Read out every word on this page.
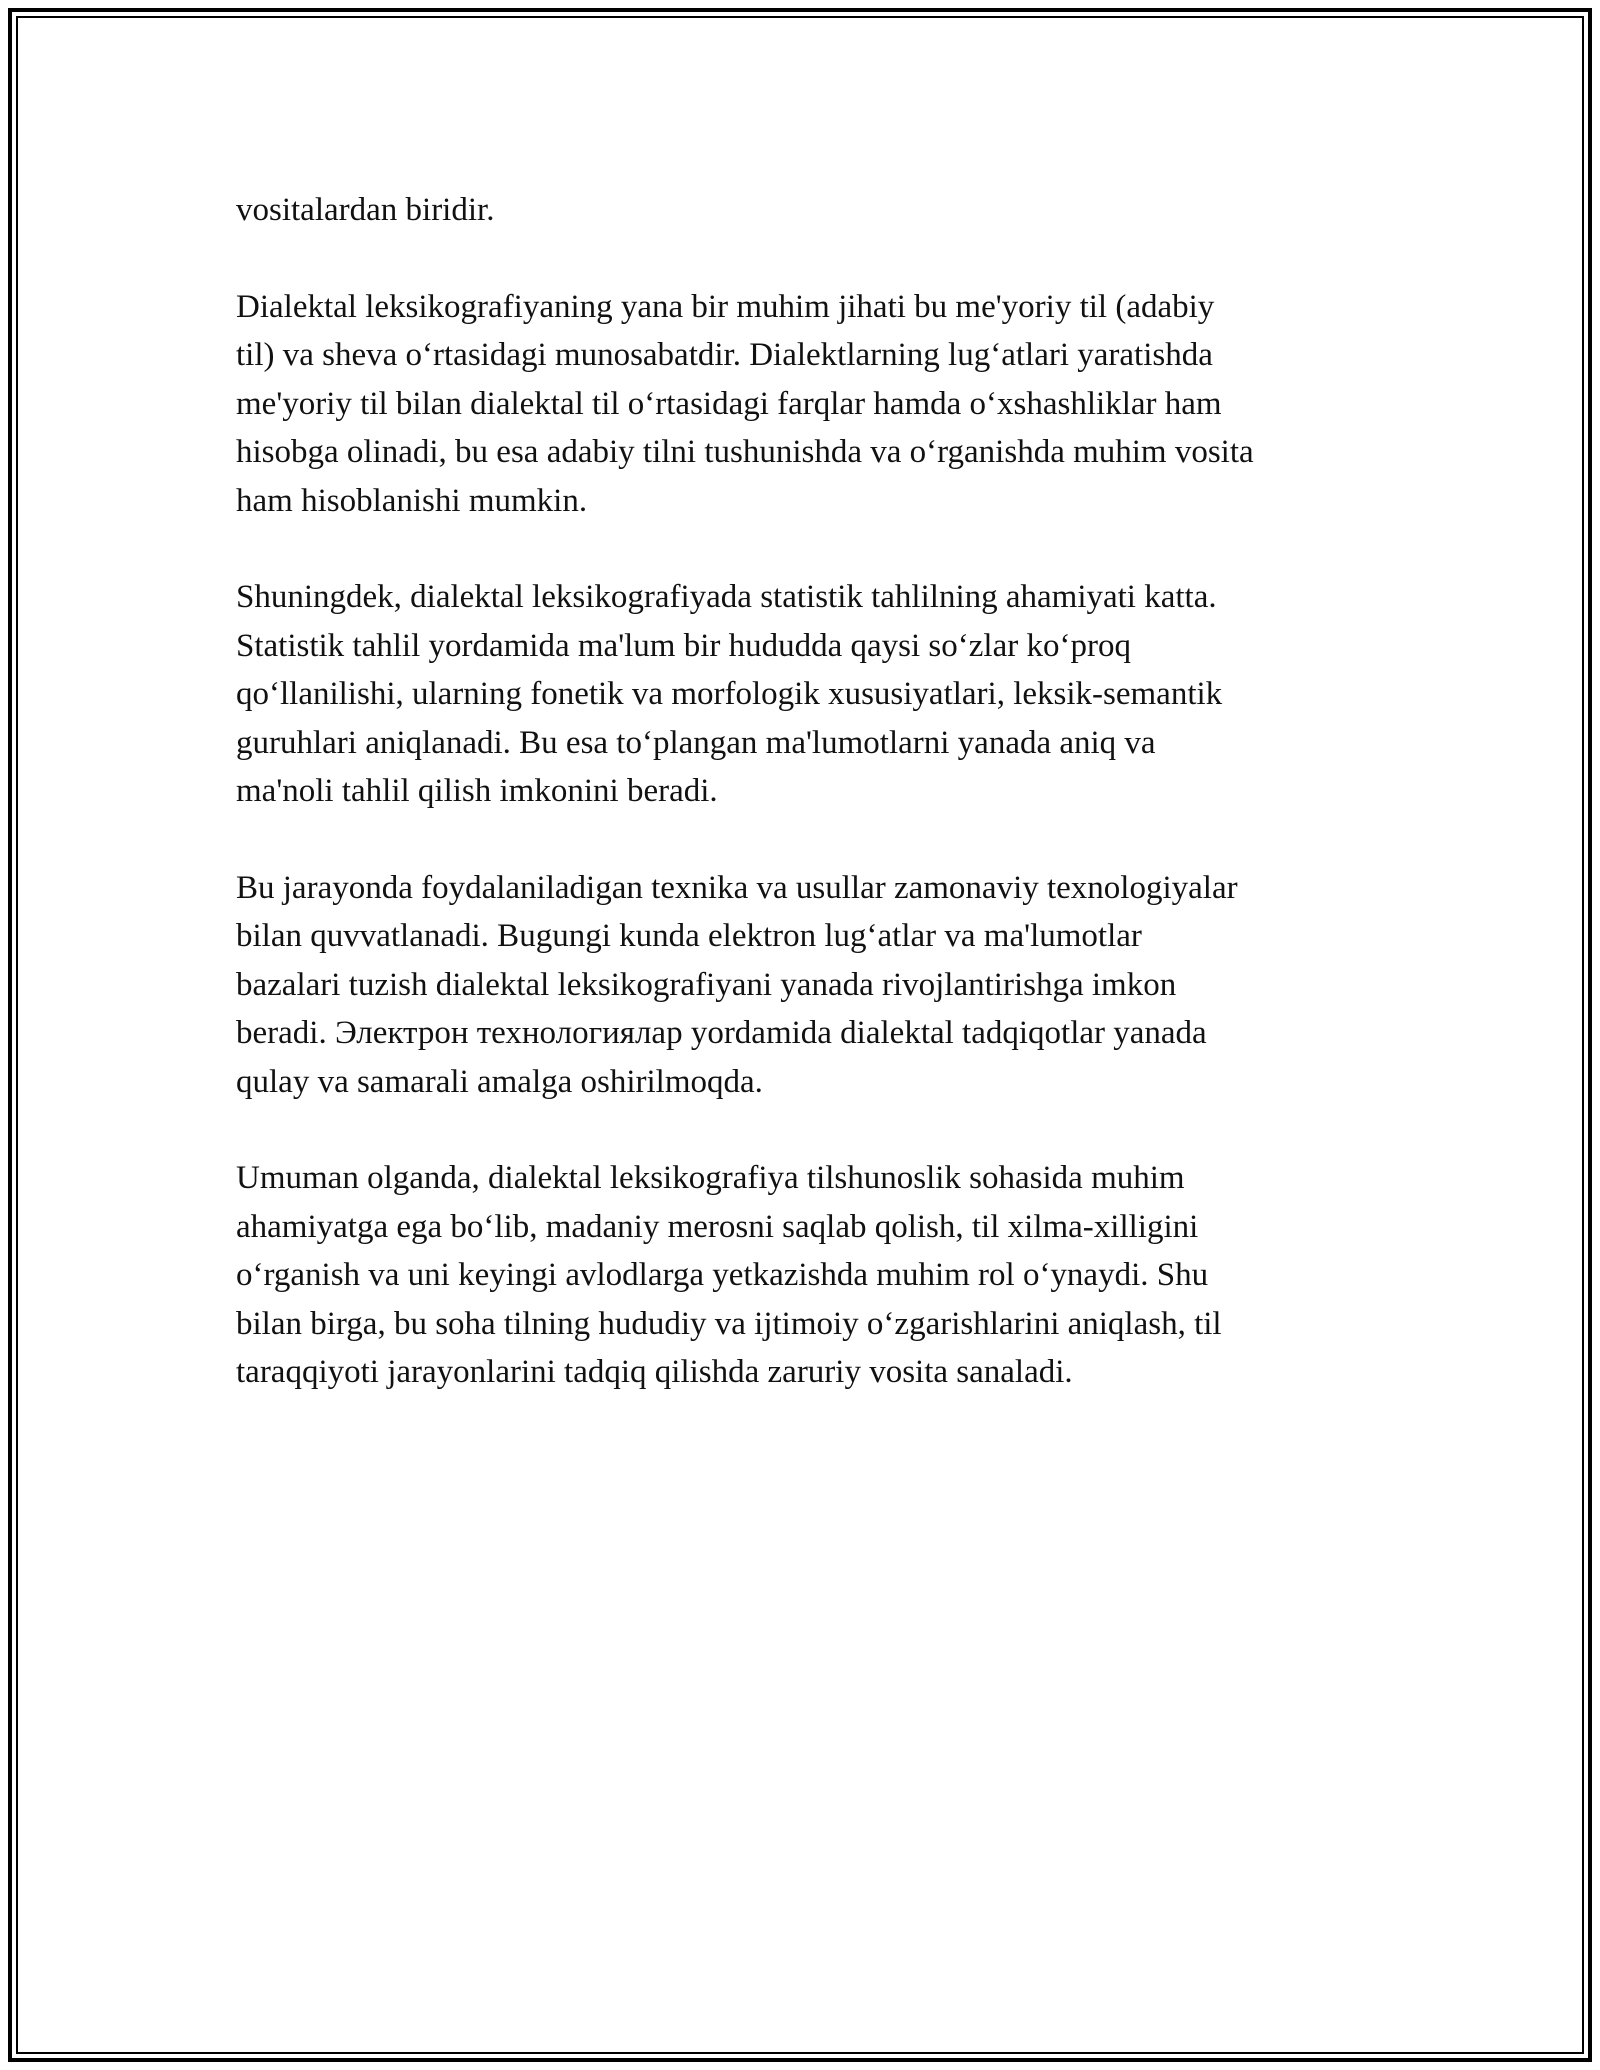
vositalardan biridir.

Dialektal leksikografiyaning yana bir muhim jihati bu me'yoriy til (adabiy
til) va sheva o‘rtasidagi munosabatdir. Dialektlarning lug‘atlari yaratishda
me'yoriy til bilan dialektal til o‘rtasidagi farqlar hamda o‘xshashliklar ham
hisobga olinadi, bu esa adabiy tilni tushunishda va o‘rganishda muhim vosita
ham hisoblanishi mumkin.

Shuningdek, dialektal leksikografiyada statistik tahlilning ahamiyati katta.
Statistik tahlil yordamida ma'lum bir hududda qaysi so‘zlar ko‘proq
qo‘llanilishi, ularning fonetik va morfologik xususiyatlari, leksik-semantik
guruhlari aniqlanadi. Bu esa to‘plangan ma'lumotlarni yanada aniq va
ma'noli tahlil qilish imkonini beradi.

Bu jarayonda foydalaniladigan texnika va usullar zamonaviy texnologiyalar
bilan quvvatlanadi. Bugungi kunda elektron lug‘atlar va ma'lumotlar
bazalari tuzish dialektal leksikografiyani yanada rivojlantirishga imkon
beradi. Электрон технологиялар yordamida dialektal tadqiqotlar yanada
qulay va samarali amalga oshirilmoqda.

Umuman olganda, dialektal leksikografiya tilshunoslik sohasida muhim
ahamiyatga ega bo‘lib, madaniy merosni saqlab qolish, til xilma-xilligini
o‘rganish va uni keyingi avlodlarga yetkazishda muhim rol o‘ynaydi. Shu
bilan birga, bu soha tilning hududiy va ijtimoiy o‘zgarishlarini aniqlash, til
taraqqiyoti jarayonlarini tadqiq qilishda zaruriy vosita sanaladi.
